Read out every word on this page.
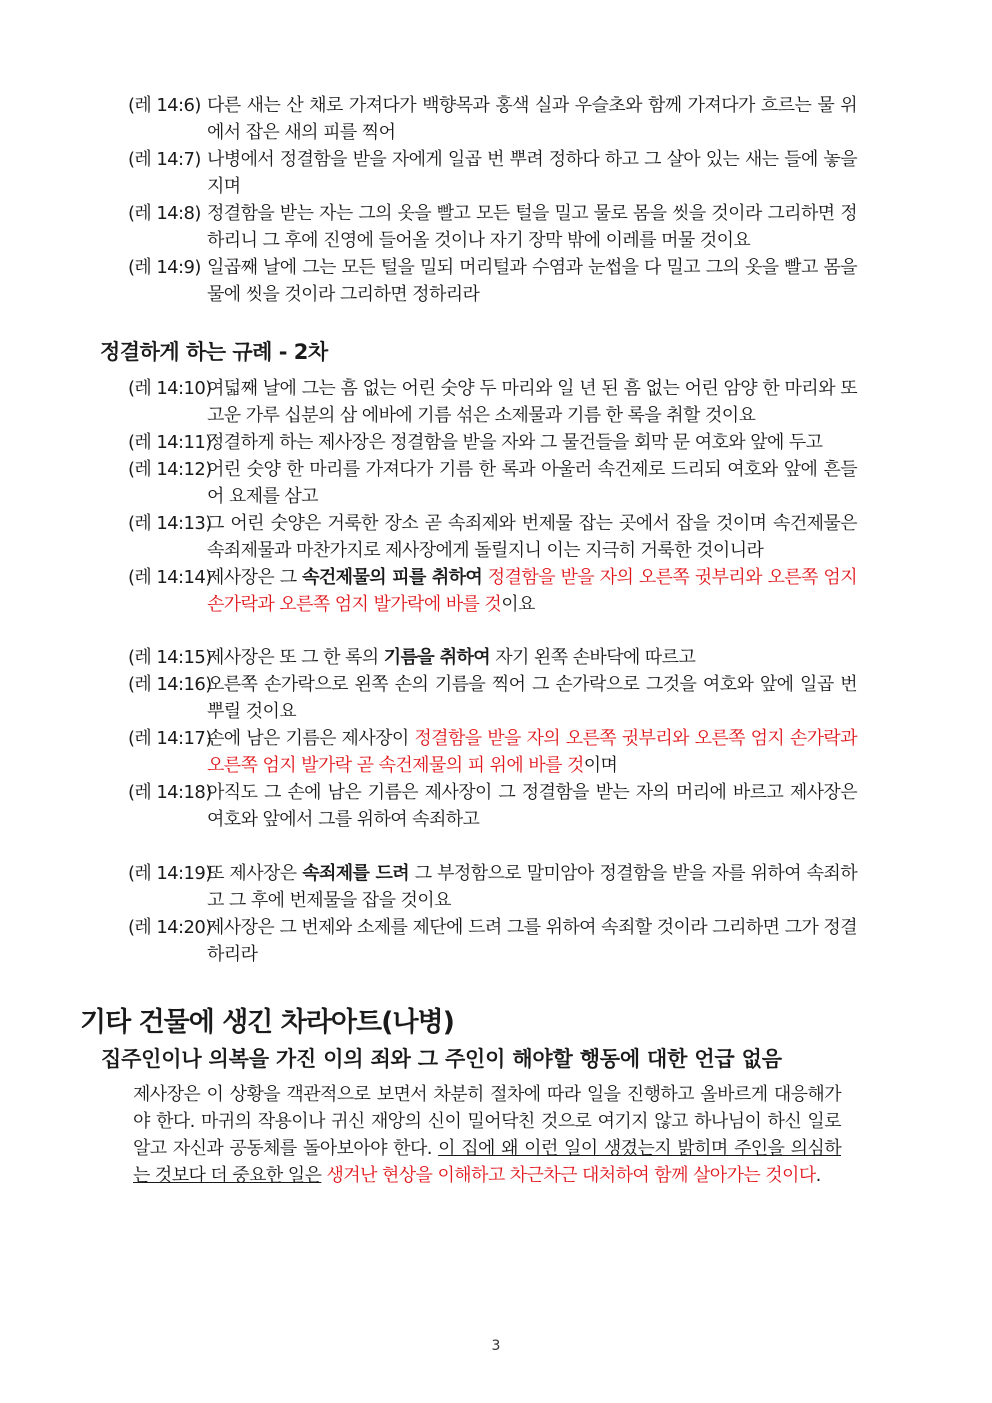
(레 14:6) 다른 새는 산 채로 가져다가 백향목과 홍색 실과 우슬초와 함께 가져다가 흐르는 물 위에서 잡은 새의 피를 찍어
(레 14:7) 나병에서 정결함을 받을 자에게 일곱 번 뿌려 정하다 하고 그 살아 있는 새는 들에 놓을지며
(레 14:8) 정결함을 받는 자는 그의 옷을 빨고 모든 털을 밀고 물로 몸을 씻을 것이라 그리하면 정하리니 그 후에 진영에 들어올 것이나 자기 장막 밖에 이레를 머물 것이요
(레 14:9) 일곱째 날에 그는 모든 털을 밀되 머리털과 수염과 눈썹을 다 밀고 그의 옷을 빨고 몸을 물에 씻을 것이라 그리하면 정하리라
정결하게 하는 규례 - 2차
(레 14:10)
여덟째 날에 그는 흠 없는 어린 숫양 두 마리와 일 년 된 흠 없는 어린 암양 한 마리와 또 고운 가루 십분의 삼 에바에 기름 섞은 소제물과 기름 한 록을 취할 것이요
(레 14:11)
정결하게 하는 제사장은 정결함을 받을 자와 그 물건들을 회막 문 여호와 앞에 두고
(레 14:12)
어린 숫양 한 마리를 가져다가 기름 한 록과 아울러 속건제로 드리되 여호와 앞에 흔들어 요제를 삼고
(레 14:13)
그 어린 숫양은 거룩한 장소 곧 속죄제와 번제물 잡는 곳에서 잡을 것이며 속건제물은 속죄제물과 마찬가지로 제사장에게 돌릴지니 이는 지극히 거룩한 것이니라
(레 14:14)
제사장은 그 속건제물의 피를 취하여 정결함을 받을 자의 오른쪽 귓부리와 오른쪽 엄지 손가락과 오른쪽 엄지 발가락에 바를 것이요
(레 14:15)
제사장은 또 그 한 록의 기름을 취하여 자기 왼쪽 손바닥에 따르고
(레 14:16)
오른쪽 손가락으로 왼쪽 손의 기름을 찍어 그 손가락으로 그것을 여호와 앞에 일곱 번 뿌릴 것이요
(레 14:17)
손에 남은 기름은 제사장이 정결함을 받을 자의 오른쪽 귓부리와 오른쪽 엄지 손가락과 오른쪽 엄지 발가락 곧 속건제물의 피 위에 바를 것이며
(레 14:18)
아직도 그 손에 남은 기름은 제사장이 그 정결함을 받는 자의 머리에 바르고 제사장은 여호와 앞에서 그를 위하여 속죄하고
(레 14:19)
또 제사장은 속죄제를 드려 그 부정함으로 말미암아 정결함을 받을 자를 위하여 속죄하고 그 후에 번제물을 잡을 것이요
(레 14:20)
제사장은 그 번제와 소제를 제단에 드려 그를 위하여 속죄할 것이라 그리하면 그가 정결하리라
기타 건물에 생긴 차라아트(나병)
집주인이나 의복을 가진 이의 죄와 그 주인이 해야할 행동에 대한 언급 없음
제사장은 이 상황을 객관적으로 보면서 차분히 절차에 따라 일을 진행하고 올바르게 대응해가야 한다. 마귀의 작용이나 귀신 재앙의 신이 밀어닥친 것으로 여기지 않고 하나님이 하신 일로 알고 자신과 공동체를 돌아보아야 한다. 이 집에 왜 이런 일이 생겼는지 밝히며 주인을 의심하는 것보다 더 중요한 일은 생겨난 현상을 이해하고 차근차근 대처하여 함께 살아가는 것이다.
3
